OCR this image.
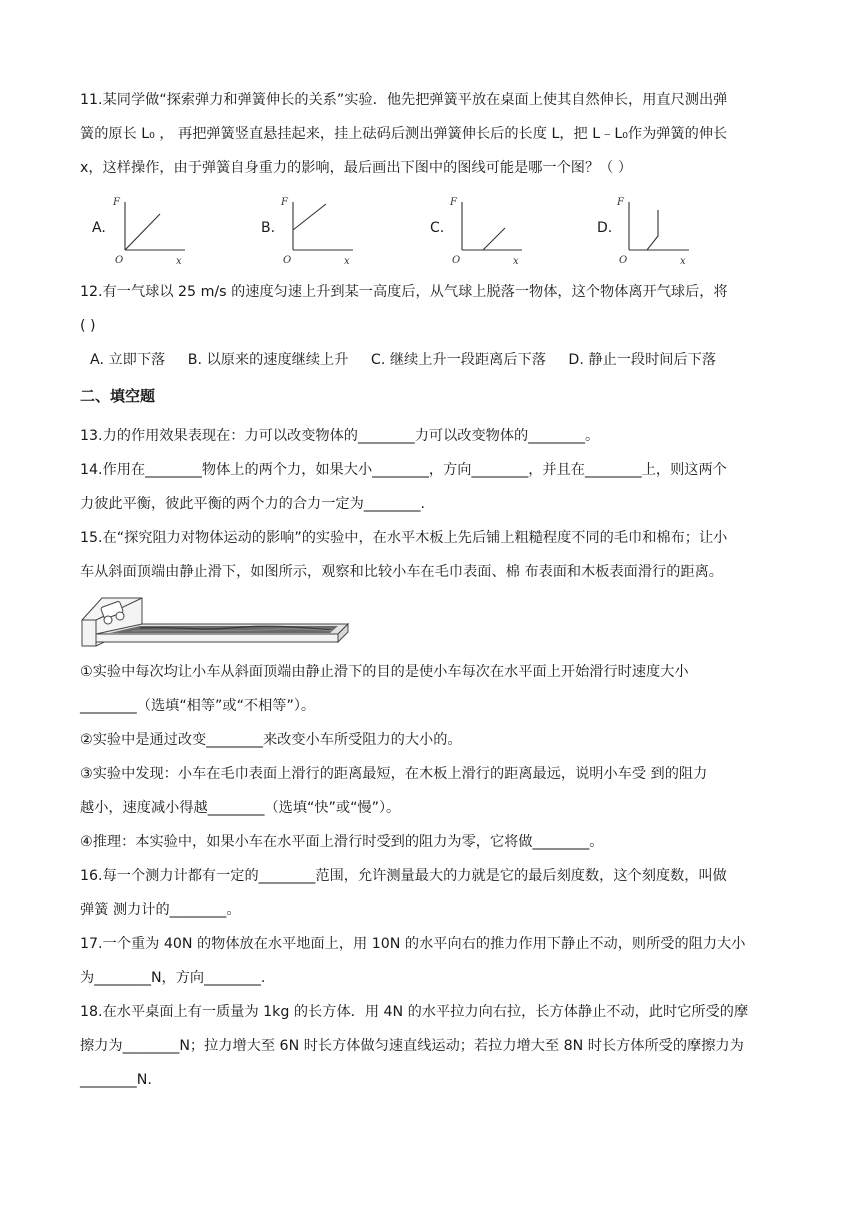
11.某同学做“探索弹力和弹簧伸长的关系”实验．他先把弹簧平放在桌面上使其自然伸长，用直尺测出弹
簧的原长 L₀ ， 再把弹簧竖直悬挂起来，挂上砝码后测出弹簧伸长后的长度 L，把 L﹣L₀作为弹簧的伸长
x，这样操作，由于弹簧自身重力的影响，最后画出下图中的图线可能是哪一个图？（ ）
A.	B.	C.	D.
F
O	x
F
O	x
F
O	x
F
O	x
12.有一气球以 25 m/s 的速度匀速上升到某一高度后，从气球上脱落一物体，这个物体离开气球后，将
( )
A. 立即下落 B. 以原来的速度继续上升 C. 继续上升一段距离后下落 D. 静止一段时间后下落
二、填空题
13.力的作用效果表现在：力可以改变物体的________力可以改变物体的________。
14.作用在________物体上的两个力，如果大小________，方向________，并且在________上，则这两个
力彼此平衡，彼此平衡的两个力的合力一定为________.
15.在“探究阻力对物体运动的影响”的实验中，在水平木板上先后铺上粗糙程度不同的毛巾和棉布；让小
车从斜面顶端由静止滑下，如图所示，观察和比较小车在毛巾表面、棉 布表面和木板表面滑行的距离。
①实验中每次均让小车从斜面顶端由静止滑下的目的是使小车每次在水平面上开始滑行时速度大小
________（选填“相等”或“不相等”）。
②实验中是通过改变________来改变小车所受阻力的大小的。
③实验中发现：小车在毛巾表面上滑行的距离最短，在木板上滑行的距离最远，说明小车受 到的阻力
越小，速度减小得越________（选填“快”或“慢”）。
④推理：本实验中，如果小车在水平面上滑行时受到的阻力为零，它将做________。
16.每一个测力计都有一定的________范围，允许测量最大的力就是它的最后刻度数，这个刻度数，叫做
弹簧 测力计的________。
17.一个重为 40N 的物体放在水平地面上，用 10N 的水平向右的推力作用下静止不动，则所受的阻力大小
为________N，方向________.
18.在水平桌面上有一质量为 1kg 的长方体．用 4N 的水平拉力向右拉，长方体静止不动，此时它所受的摩
擦力为________N；拉力增大至 6N 时长方体做匀速直线运动；若拉力增大至 8N 时长方体所受的摩擦力为
________N.
